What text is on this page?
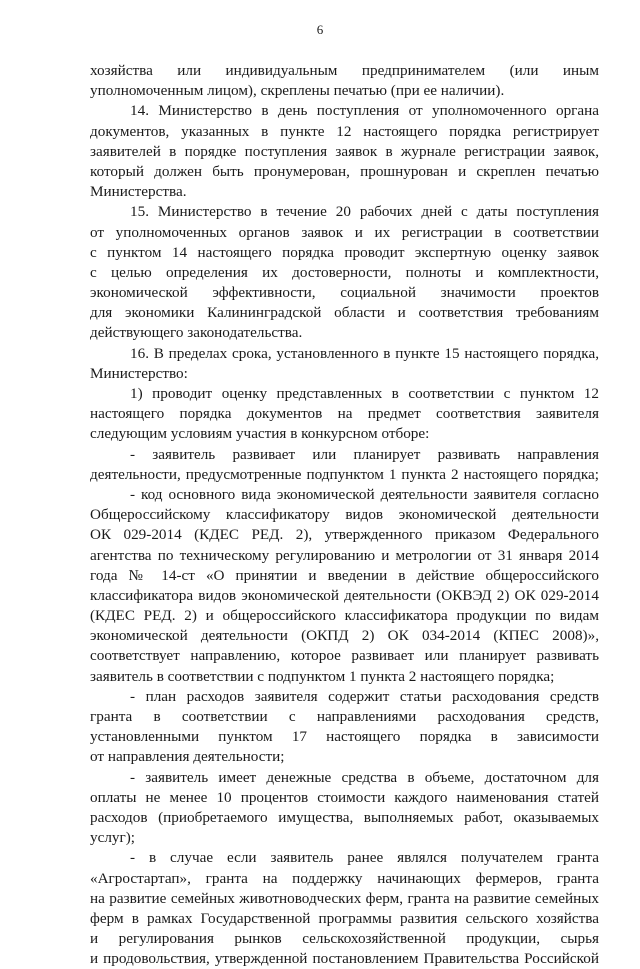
6
хозяйства или индивидуальным предпринимателем (или иным
уполномоченным лицом), скреплены печатью (при ее наличии).
14. Министерство в день поступления от уполномоченного органа
документов, указанных в пункте 12 настоящего порядка регистрирует
заявителей в порядке поступления заявок в журнале регистрации заявок,
который должен быть пронумерован, прошнурован и скреплен печатью
Министерства.
15. Министерство в течение 20 рабочих дней с даты поступления
от уполномоченных органов заявок и их регистрации в соответствии
с пунктом 14 настоящего порядка проводит экспертную оценку заявок
с целью определения их достоверности, полноты и комплектности,
экономической эффективности, социальной значимости проектов
для экономики Калининградской области и соответствия требованиям
действующего законодательства.
16. В пределах срока, установленного в пункте 15 настоящего порядка,
Министерство:
1) проводит оценку представленных в соответствии с пунктом 12
настоящего порядка документов на предмет соответствия заявителя
следующим условиям участия в конкурсном отборе:
- заявитель развивает или планирует развивать направления
деятельности, предусмотренные подпунктом 1 пункта 2 настоящего порядка;
- код основного вида экономической деятельности заявителя согласно
Общероссийскому классификатору видов экономической деятельности
ОК 029-2014 (КДЕС РЕД. 2), утвержденного приказом Федерального
агентства по техническому регулированию и метрологии от 31 января 2014
года № 14-ст «О принятии и введении в действие общероссийского
классификатора видов экономической деятельности (ОКВЭД 2) ОК 029-2014
(КДЕС РЕД. 2) и общероссийского классификатора продукции по видам
экономической деятельности (ОКПД 2) ОК 034-2014 (КПЕС 2008)»,
соответствует направлению, которое развивает или планирует развивать
заявитель в соответствии с подпунктом 1 пункта 2 настоящего порядка;
- план расходов заявителя содержит статьи расходования средств
гранта в соответствии с направлениями расходования средств,
установленными пунктом 17 настоящего порядка в зависимости
от направления деятельности;
- заявитель имеет денежные средства в объеме, достаточном для
оплаты не менее 10 процентов стоимости каждого наименования статей
расходов (приобретаемого имущества, выполняемых работ, оказываемых
услуг);
- в случае если заявитель ранее являлся получателем гранта
«Агростартап», гранта на поддержку начинающих фермеров, гранта
на развитие семейных животноводческих ферм, гранта на развитие семейных
ферм в рамках Государственной программы развития сельского хозяйства
и регулирования рынков сельскохозяйственной продукции, сырья
и продовольствия, утвержденной постановлением Правительства Российской
